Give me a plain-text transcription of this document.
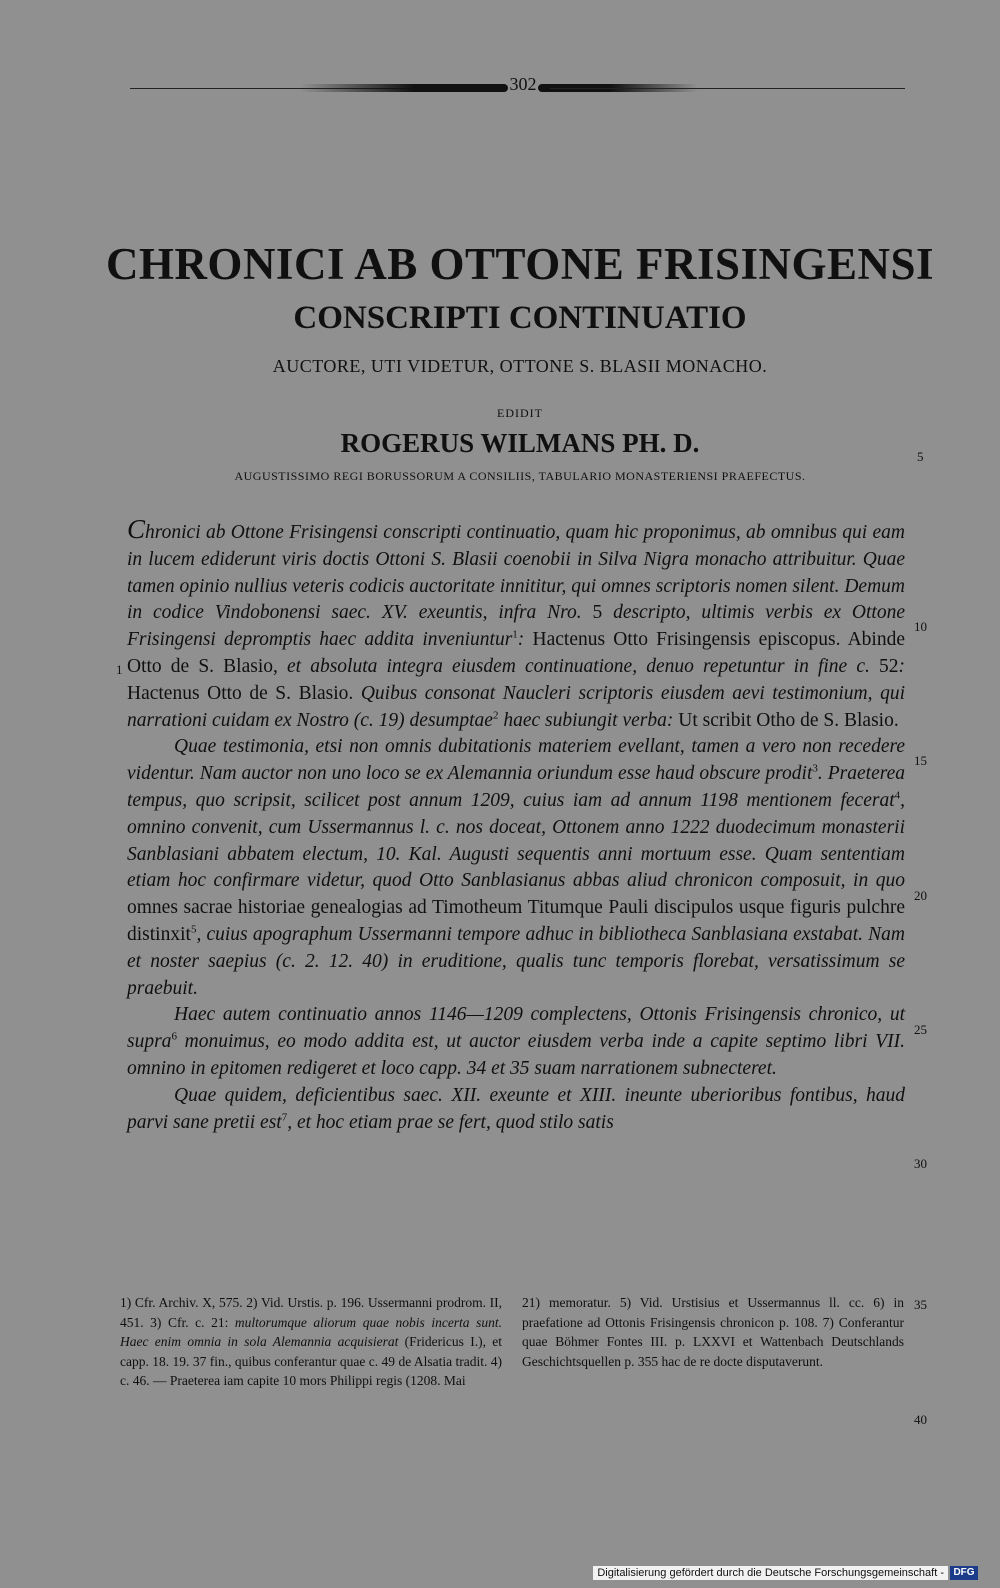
302
CHRONICI AB OTTONE FRISINGENSI
CONSCRIPTI CONTINUATIO
AUCTORE, UTI VIDETUR, OTTONE S. BLASII MONACHO.
EDIDIT
ROGERUS WILMANS PH. D.
AUGUSTISSIMO REGI BORUSSORUM A CONSILIIS, TABULARIO MONASTERIENSI PRAEFECTUS.
5

Chronici ab Ottone Frisingensi conscripti continuatio, quam hic proponimus, ab omnibus qui eam in lucem ediderunt viris doctis Ottoni S. Blasii coenobii in Silva Nigra monacho attribuitur. Quae tamen opinio nullius veteris codicis auctoritate innititur, qui omnes scriptoris nomen silent. Demum in codice Vindobonensi saec. XV. exeuntis, infra Nro. 5 descripto, ultimis verbis ex Ottone Frisingensi depromptis haec addita inveniuntur$^1$: Hactenus Otto Frisingensis episcopus. Abinde Otto de S. Blasio, et absoluta integra eiusdem continuatione, denuo repetuntur in fine c. 52: Hactenus Otto de S. Blasio. Quibus consonat Naucleri scriptoris eiusdem aevi testimonium, qui narrationi cuidam ex Nostro (c. 19) desumptae$^2$ haec subiungit verba: Ut scribit Otho de S. Blasio.

Quae testimonia, etsi non omnis dubitationis materiem evellant, tamen a vero non recedere videntur. Nam auctor non uno loco se ex Alemannia oriundum esse haud obscure prodit$^3$. Praeterea tempus, quo scripsit, scilicet post annum 1209, cuius iam ad annum 1198 mentionem fecerat$^4$, omnino convenit, cum Ussermannus l. c. nos doceat, Ottonem anno 1222 duodecimum monasterii Sanblasiani abbatem electum, 10. Kal. Augusti sequentis anni mortuum esse. Quam sententiam etiam hoc confirmare videtur, quod Otto Sanblasianus abbas aliud chronicon composuit, in quo omnes sacrae historiae genealogias ad Timotheum Titumque Pauli discipulos usque figuris pulchre distinxit$^5$, cuius apographum Ussermanni tempore adhuc in bibliotheca Sanblasiana exstabat. Nam et noster saepius (c. 2. 12. 40) in eruditione, qualis tunc temporis florebat, versatissimum se praebuit.

Haec autem continuatio annos 1146—1209 complectens, Ottonis Frisingensis chronico, ut supra$^6$ monuimus, eo modo addita est, ut auctor eiusdem verba inde a capite septimo libri VII. omnino in epitomen redigeret et loco capp. 34 et 35 suam narrationem subnecteret.

Quae quidem, deficientibus saec. XII. exeunte et XIII. ineunte uberioribus fontibus, haud parvi sane pretii est$^7$, et hoc etiam prae se fert, quod stilo satis

1
10
15
20
25
30

1) Cfr. Archiv. X, 575. 2) Vid. Urstis. p. 196. Ussermanni prodrom. II, 451. 3) Cfr. c. 21: multorumque aliorum quae nobis incerta sunt. Haec enim omnia in sola Alemannia acquisierat (Fridericus I.), et capp. 18. 19. 37 fin., quibus conferantur quae c. 49 de Alsatia tradit. 4) c. 46. — Praeterea iam capite 10 mors Philippi regis (1208. Mai

21) memoratur. 5) Vid. Urstisius et Ussermannus ll. cc. 6) in praefatione ad Ottonis Frisingensis chronicon p. 108. 7) Conferantur quae Böhmer Fontes III. p. LXXVI et Wattenbach Deutschlands Geschichtsquellen p. 355 hac de re docte disputaverunt.

35
40
Digitalisierung gefördert durch die Deutsche Forschungsgemeinschaft - DFG
